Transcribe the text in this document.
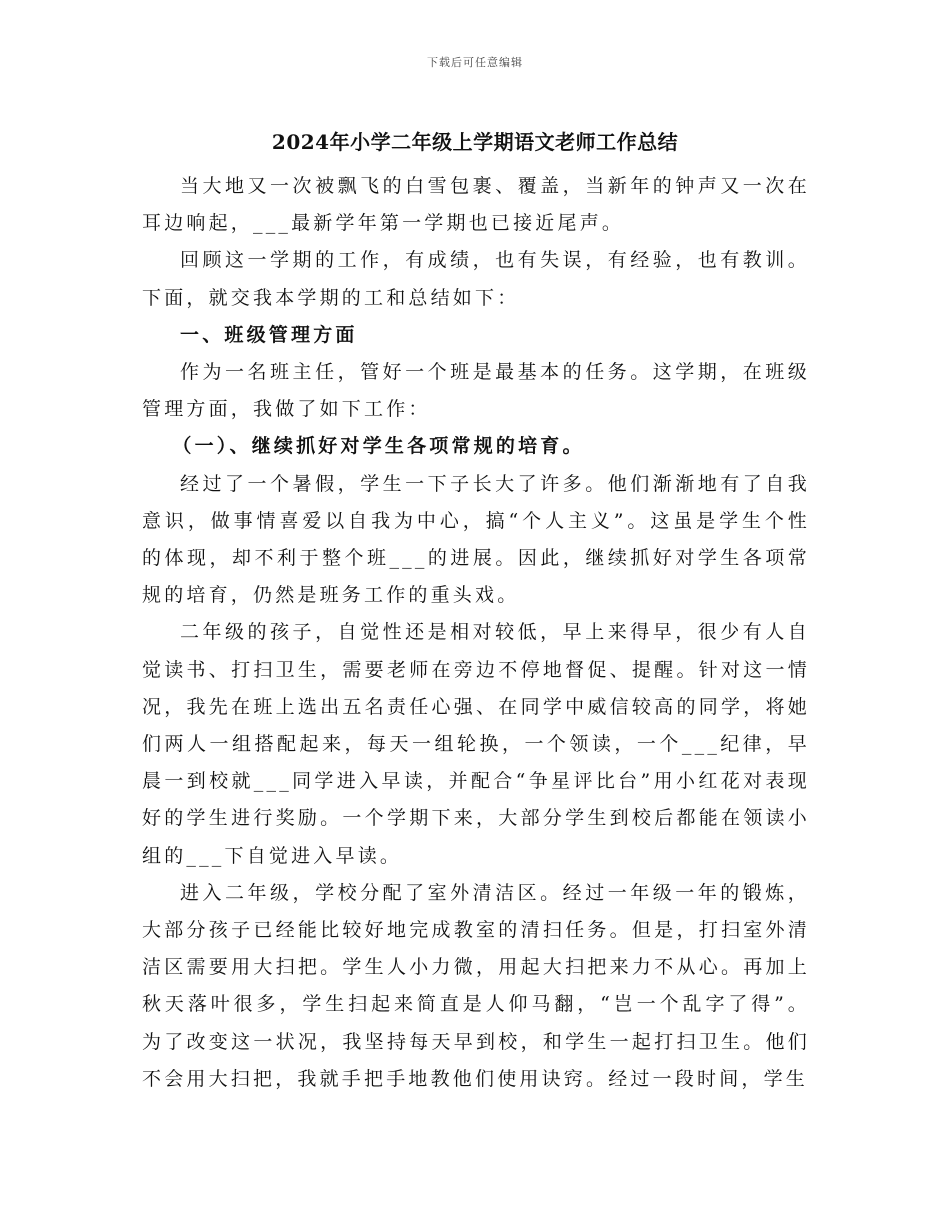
下载后可任意编辑
2024年小学二年级上学期语文老师工作总结

当大地又一次被飘飞的白雪包裹、覆盖，当新年的钟声又一次在耳边响起，___最新学年第一学期也已接近尾声。

回顾这一学期的工作，有成绩，也有失误，有经验，也有教训。下面，就交我本学期的工和总结如下：

一、班级管理方面

作为一名班主任，管好一个班是最基本的任务。这学期，在班级管理方面，我做了如下工作：

（一）、继续抓好对学生各项常规的培育。

经过了一个暑假，学生一下子长大了许多。他们渐渐地有了自我意识，做事情喜爱以自我为中心，搞“个人主义”。这虽是学生个性的体现，却不利于整个班___的进展。因此，继续抓好对学生各项常规的培育，仍然是班务工作的重头戏。

二年级的孩子，自觉性还是相对较低，早上来得早，很少有人自觉读书、打扫卫生，需要老师在旁边不停地督促、提醒。针对这一情况，我先在班上选出五名责任心强、在同学中威信较高的同学，将她们两人一组搭配起来，每天一组轮换，一个领读，一个___纪律，早晨一到校就___同学进入早读，并配合“争星评比台”用小红花对表现好的学生进行奖励。一个学期下来，大部分学生到校后都能在领读小组的___下自觉进入早读。

进入二年级，学校分配了室外清洁区。经过一年级一年的锻炼，大部分孩子已经能比较好地完成教室的清扫任务。但是，打扫室外清洁区需要用大扫把。学生人小力微，用起大扫把来力不从心。再加上秋天落叶很多，学生扫起来简直是人仰马翻，“岂一个乱字了得”。为了改变这一状况，我坚持每天早到校，和学生一起打扫卫生。他们不会用大扫把，我就手把手地教他们使用诀窍。经过一段时间，学生
